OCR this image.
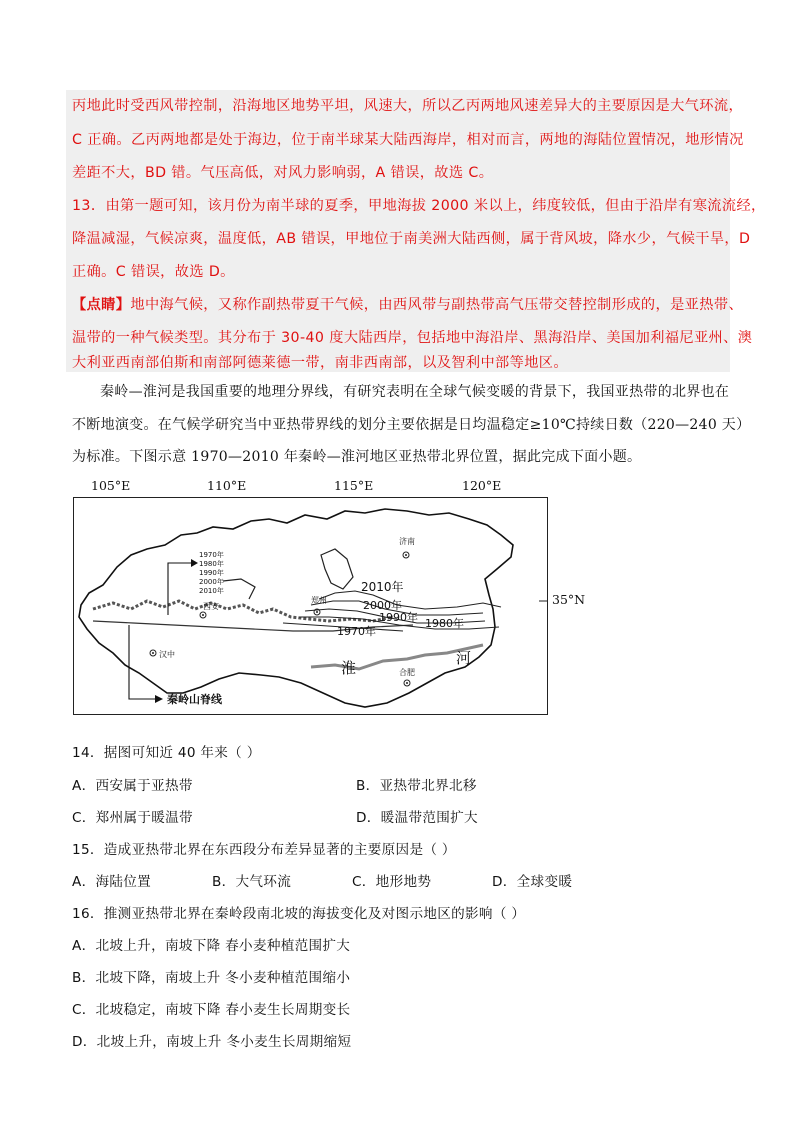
丙地此时受西风带控制，沿海地区地势平坦，风速大，所以乙丙两地风速差异大的主要原因是大气环流，
C 正确。乙丙两地都是处于海边，位于南半球某大陆西海岸，相对而言，两地的海陆位置情况，地形情况
差距不大，BD 错。气压高低，对风力影响弱，A 错误，故选 C。
13．由第一题可知，该月份为南半球的夏季，甲地海拔 2000 米以上，纬度较低，但由于沿岸有寒流流经，
降温减湿，气候凉爽，温度低，AB 错误，甲地位于南美洲大陆西侧，属于背风坡，降水少，气候干旱，D
正确。C 错误，故选 D。
【点睛】地中海气候，又称作副热带夏干气候，由西风带与副热带高气压带交替控制形成的，是亚热带、
温带的一种气候类型。其分布于 30-40 度大陆西岸，包括地中海沿岸、黑海沿岸、美国加利福尼亚州、澳
大利亚西南部伯斯和南部阿德莱德一带，南非西南部，以及智利中部等地区。
秦岭—淮河是我国重要的地理分界线，有研究表明在全球气候变暖的背景下，我国亚热带的北界也在
不断地演变。在气候学研究当中亚热带界线的划分主要依据是日均温稳定≥10℃持续日数（220—240 天）
为标准。下图示意 1970—2010 年秦岭—淮河地区亚热带北界位置，据此完成下面小题。
105°E	110°E	115°E	120°E
35°N
济南
郑州
西安
汉中
合肥
1970年
1980年
1990年
2000年
2010年	2010年
2000年
1990年 1980年
1970年
淮
河
秦岭山脊线
14．据图可知近 40 年来（ ）
A．西安属于亚热带	B．亚热带北界北移
C．郑州属于暖温带	D．暖温带范围扩大
15．造成亚热带北界在东西段分布差异显著的主要原因是（ ）
A．海陆位置	B．大气环流	C．地形地势	D．全球变暖
16．推测亚热带北界在秦岭段南北坡的海拔变化及对图示地区的影响（ ）
A．北坡上升，南坡下降 春小麦种植范围扩大
B．北坡下降，南坡上升 冬小麦种植范围缩小
C．北坡稳定，南坡下降 春小麦生长周期变长
D．北坡上升，南坡上升 冬小麦生长周期缩短
